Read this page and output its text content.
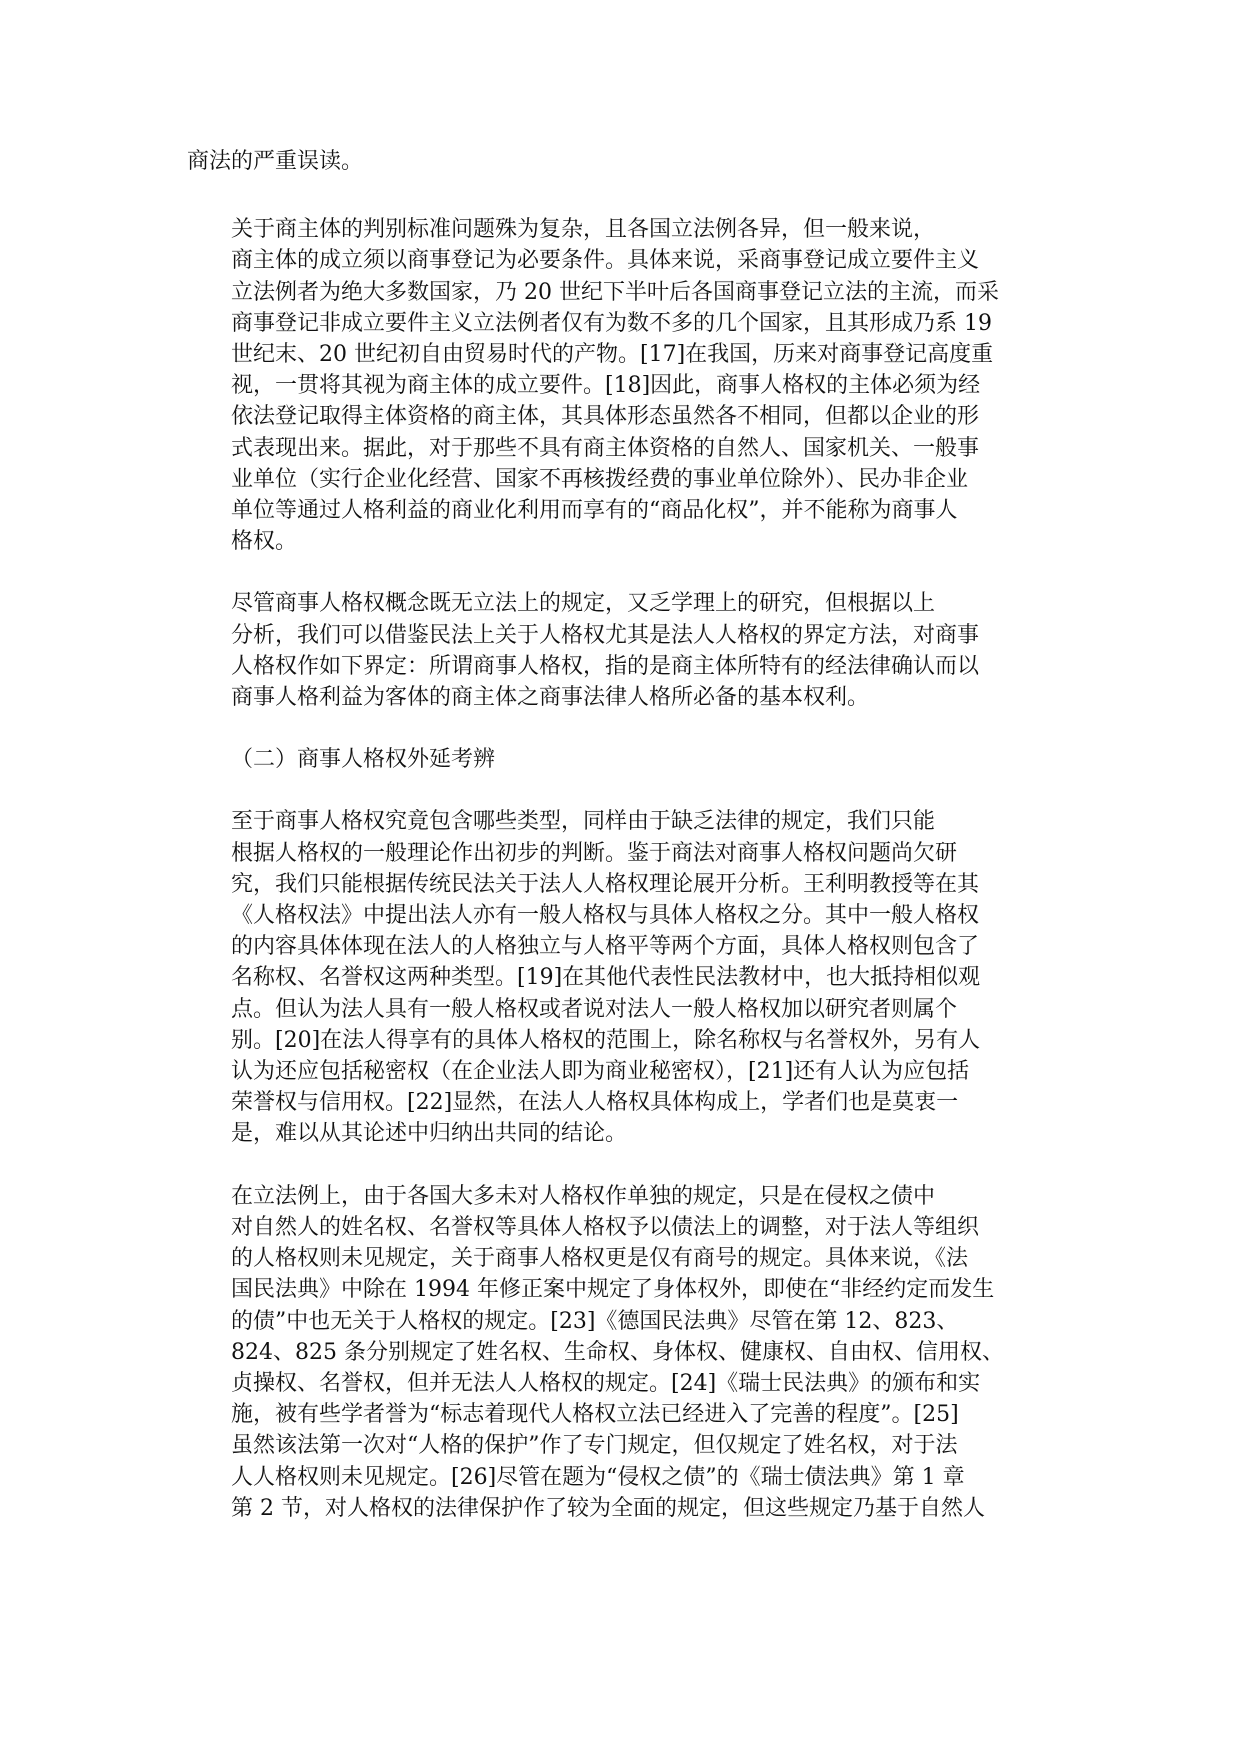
商法的严重误读。
关于商主体的判别标准问题殊为复杂，且各国立法例各异，但一般来说，
商主体的成立须以商事登记为必要条件。具体来说，采商事登记成立要件主义
立法例者为绝大多数国家，乃 20 世纪下半叶后各国商事登记立法的主流，而采
商事登记非成立要件主义立法例者仅有为数不多的几个国家，且其形成乃系 19
世纪末、20 世纪初自由贸易时代的产物。[17]在我国，历来对商事登记高度重
视，一贯将其视为商主体的成立要件。[18]因此，商事人格权的主体必须为经
依法登记取得主体资格的商主体，其具体形态虽然各不相同，但都以企业的形
式表现出来。据此，对于那些不具有商主体资格的自然人、国家机关、一般事
业单位（实行企业化经营、国家不再核拨经费的事业单位除外）、民办非企业
单位等通过人格利益的商业化利用而享有的“商品化权”，并不能称为商事人
格权。
尽管商事人格权概念既无立法上的规定，又乏学理上的研究，但根据以上
分析，我们可以借鉴民法上关于人格权尤其是法人人格权的界定方法，对商事
人格权作如下界定：所谓商事人格权，指的是商主体所特有的经法律确认而以
商事人格利益为客体的商主体之商事法律人格所必备的基本权利。
（二）商事人格权外延考辨
至于商事人格权究竟包含哪些类型，同样由于缺乏法律的规定，我们只能
根据人格权的一般理论作出初步的判断。鉴于商法对商事人格权问题尚欠研
究，我们只能根据传统民法关于法人人格权理论展开分析。王利明教授等在其
《人格权法》中提出法人亦有一般人格权与具体人格权之分。其中一般人格权
的内容具体体现在法人的人格独立与人格平等两个方面，具体人格权则包含了
名称权、名誉权这两种类型。[19]在其他代表性民法教材中，也大抵持相似观
点。但认为法人具有一般人格权或者说对法人一般人格权加以研究者则属个
别。[20]在法人得享有的具体人格权的范围上，除名称权与名誉权外，另有人
认为还应包括秘密权（在企业法人即为商业秘密权），[21]还有人认为应包括
荣誉权与信用权。[22]显然，在法人人格权具体构成上，学者们也是莫衷一
是，难以从其论述中归纳出共同的结论。
在立法例上，由于各国大多未对人格权作单独的规定，只是在侵权之债中
对自然人的姓名权、名誉权等具体人格权予以债法上的调整，对于法人等组织
的人格权则未见规定，关于商事人格权更是仅有商号的规定。具体来说，《法
国民法典》中除在 1994 年修正案中规定了身体权外，即使在“非经约定而发生
的债”中也无关于人格权的规定。[23]《德国民法典》尽管在第 12、823、
824、825 条分别规定了姓名权、生命权、身体权、健康权、自由权、信用权、
贞操权、名誉权，但并无法人人格权的规定。[24]《瑞士民法典》的颁布和实
施，被有些学者誉为“标志着现代人格权立法已经进入了完善的程度”。[25]
虽然该法第一次对“人格的保护”作了专门规定，但仅规定了姓名权，对于法
人人格权则未见规定。[26]尽管在题为“侵权之债”的《瑞士债法典》第 1 章
第 2 节，对人格权的法律保护作了较为全面的规定，但这些规定乃基于自然人
